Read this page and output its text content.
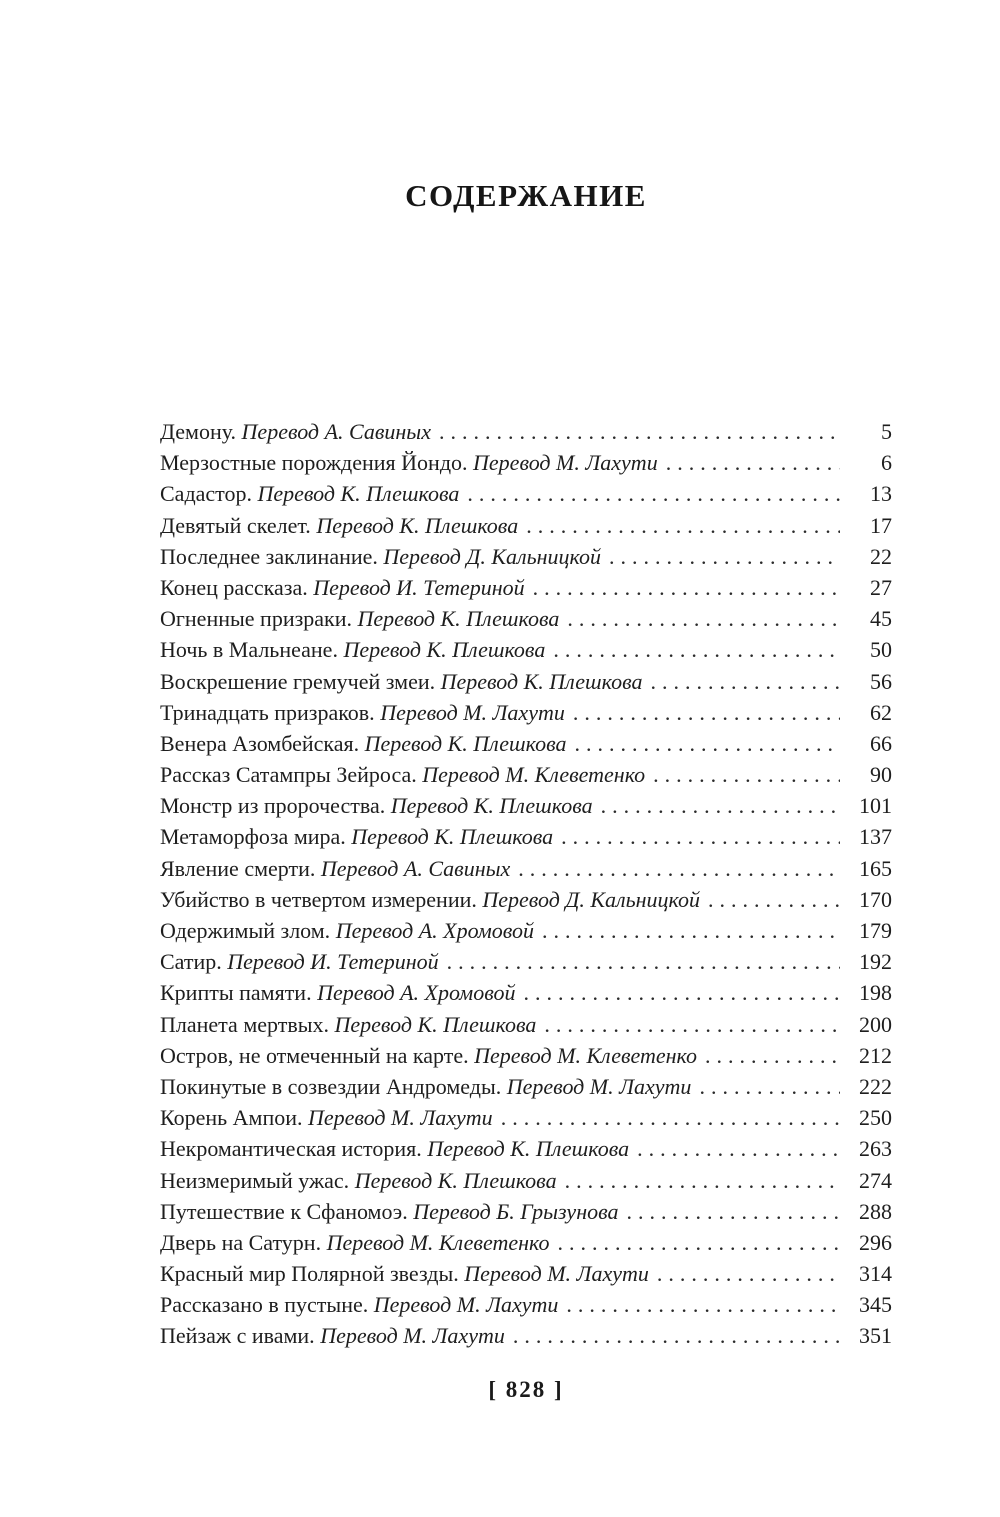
СОДЕРЖАНИЕ
Демону. Перевод А. Савиных .....	5
Мерзостные порождения Йондо. Перевод М. Лахути .....	6
Садастор. Перевод К. Плешкова .....	13
Девятый скелет. Перевод К. Плешкова .....	17
Последнее заклинание. Перевод Д. Кальницкой .....	22
Конец рассказа. Перевод И. Тетериной .....	27
Огненные призраки. Перевод К. Плешкова .....	45
Ночь в Мальнеане. Перевод К. Плешкова .....	50
Воскрешение гремучей змеи. Перевод К. Плешкова .....	56
Тринадцать призраков. Перевод М. Лахути .....	62
Венера Азомбейская. Перевод К. Плешкова .....	66
Рассказ Сатампры Зейроса. Перевод М. Клеветенко .....	90
Монстр из пророчества. Перевод К. Плешкова .....	101
Метаморфоза мира. Перевод К. Плешкова .....	137
Явление смерти. Перевод А. Савиных .....	165
Убийство в четвертом измерении. Перевод Д. Кальницкой .....	170
Одержимый злом. Перевод А. Хромовой .....	179
Сатир. Перевод И. Тетериной .....	192
Крипты памяти. Перевод А. Хромовой .....	198
Планета мертвых. Перевод К. Плешкова .....	200
Остров, не отмеченный на карте. Перевод М. Клеветенко .....	212
Покинутые в созвездии Андромеды. Перевод М. Лахути .....	222
Корень Ампои. Перевод М. Лахути .....	250
Некромантическая история. Перевод К. Плешкова .....	263
Неизмеримый ужас. Перевод К. Плешкова .....	274
Путешествие к Сфаномоэ. Перевод Б. Грызунова .....	288
Дверь на Сатурн. Перевод М. Клеветенко .....	296
Красный мир Полярной звезды. Перевод М. Лахути .....	314
Рассказано в пустыне. Перевод М. Лахути .....	345
Пейзаж с ивами. Перевод М. Лахути .....	351
[ 828 ]
